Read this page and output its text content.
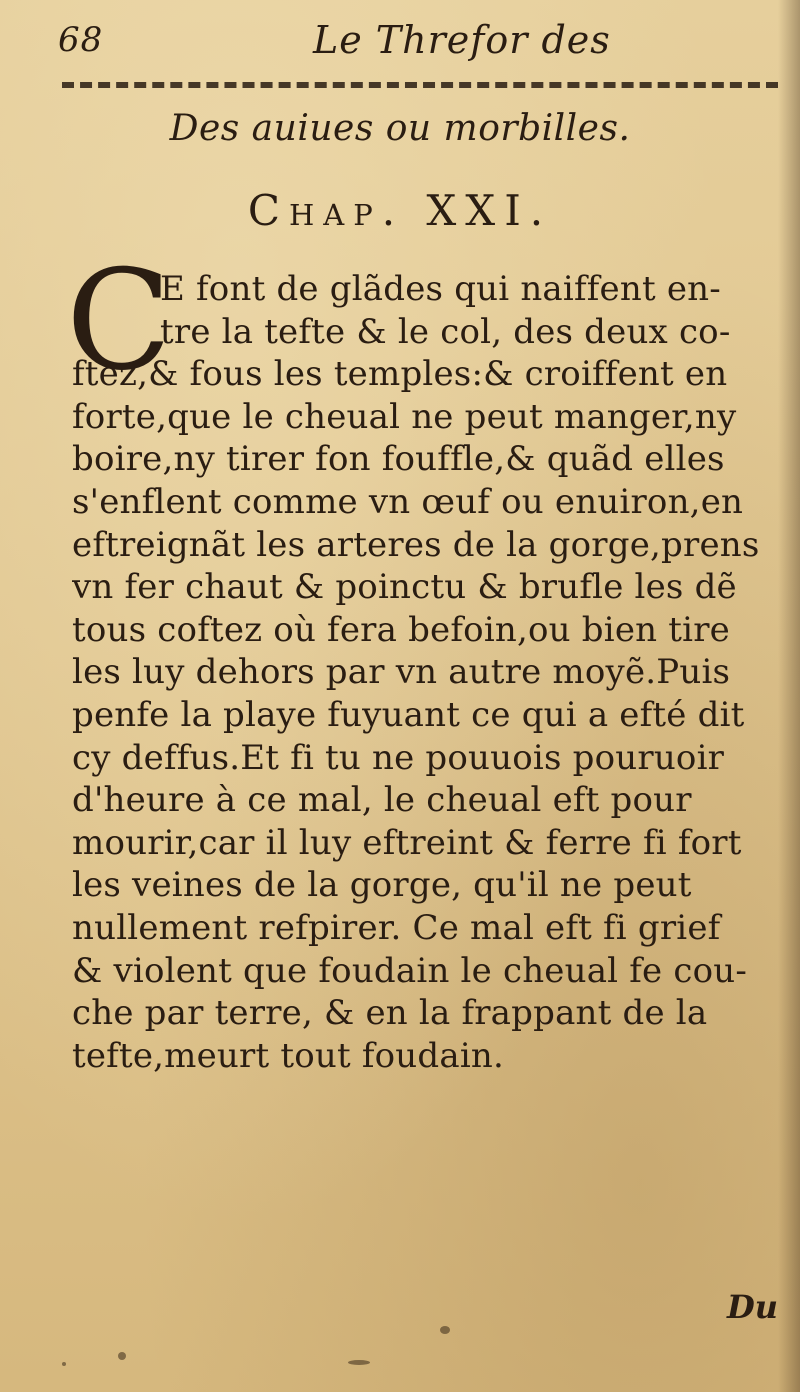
68	Le Threfor des
Des auiues ou morbilles.
Chap. XXI.
C
E font de glãdes qui naiffent en-
tre la tefte & le col, des deux co-
ftez,& fous les temples:& croiffent en
forte,que le cheual ne peut manger,ny
boire,ny tirer fon fouffle,& quãd elles
s'enflent comme vn œuf ou enuiron,en
eftreignãt les arteres de la gorge,prens
vn fer chaut & poinctu & brufle les dẽ
tous coftez où fera befoin,ou bien tire
les luy dehors par vn autre moyẽ.Puis
penfe la playe fuyuant ce qui a efté dit
cy deffus.Et fi tu ne pouuois pouruoir
d'heure à ce mal, le cheual eft pour
mourir,car il luy eftreint & ferre fi fort
les veines de la gorge, qu'il ne peut
nullement refpirer. Ce mal eft fi grief
& violent que foudain le cheual fe cou-
che par terre, & en la frappant de la
tefte,meurt tout foudain.
Du
